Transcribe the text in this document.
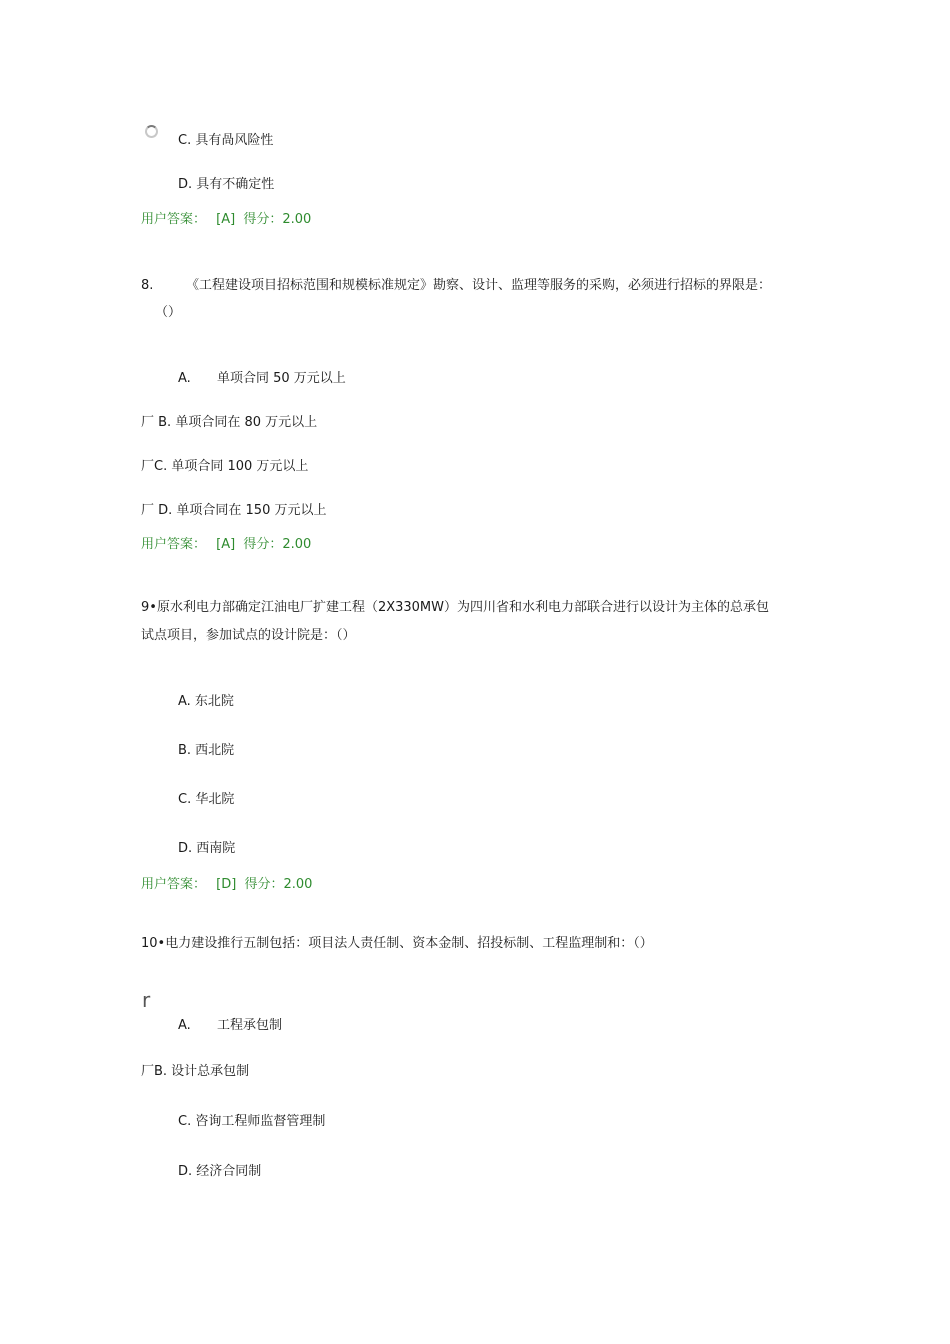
C. 具有咼风险性
D. 具有不确定性
用户答案： [A] 得分：2.00
8.	《工程建设项目招标范围和规模标准规定》勘察、设计、监理等服务的采购，必须进行招标的界限是：
（）
A. 单项合同 50 万元以上
厂 B. 单项合同在 80 万元以上
厂C. 单项合同 100 万元以上
厂 D. 单项合同在 150 万元以上
用户答案： [A] 得分：2.00
9•原水利电力部确定江油电厂扩建工程（2X330MW）为四川省和水利电力部联合进行以设计为主体的总承包
试点项目，参加试点的设计院是：（）
A. 东北院
B. 西北院
C. 华北院
D. 西南院
用户答案： [D] 得分：2.00
10•电力建设推行五制包括：项目法人责任制、资本金制、招投标制、工程监理制和：（）
r
A. 工程承包制
厂B. 设计总承包制
C. 咨询工程师监督管理制
D. 经济合同制
